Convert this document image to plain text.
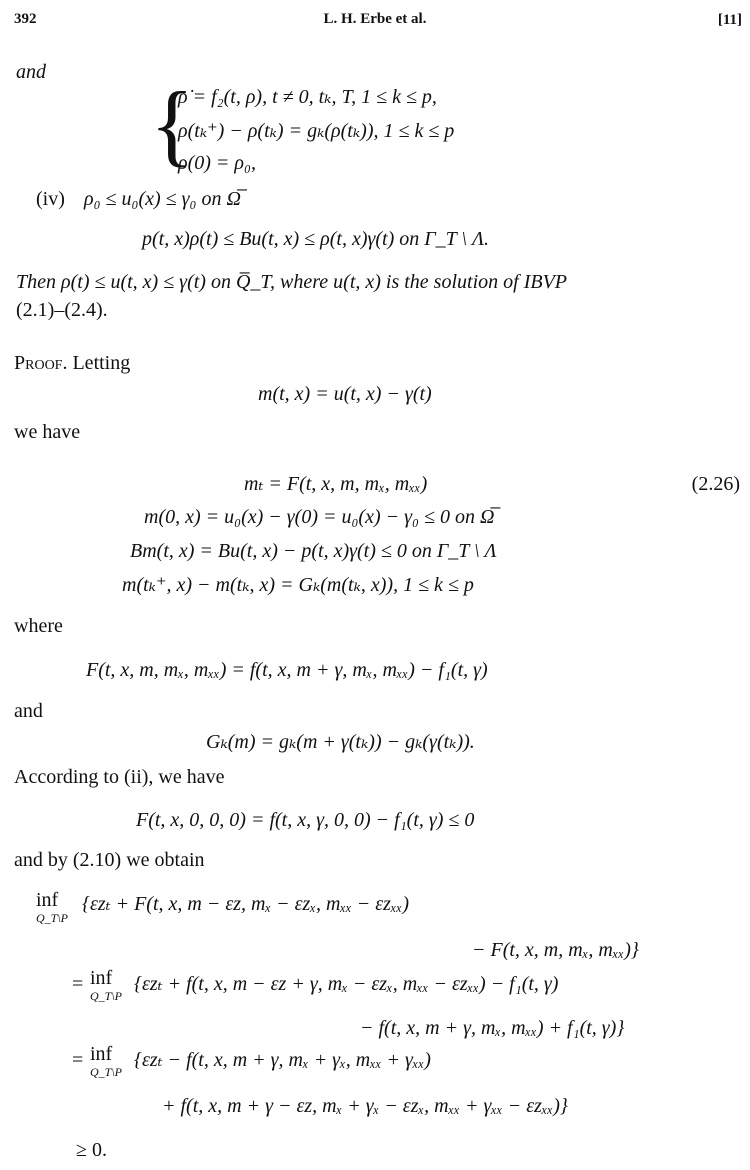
392	L. H. Erbe et al.	[11]
and
{
ρ̇ = f₂(t, ρ), t ≠ 0, tₖ, T, 1 ≤ k ≤ p,
ρ(tₖ⁺) − ρ(tₖ) = gₖ(ρ(tₖ)), 1 ≤ k ≤ p
ρ(0) = ρ₀,
(iv) ρ₀ ≤ u₀(x) ≤ γ₀ on Ω̅
p(t, x)ρ(t) ≤ Bu(t, x) ≤ ρ(t, x)γ(t) on Γ_T \ Λ.
Then ρ(t) ≤ u(t, x) ≤ γ(t) on Q̅_T, where u(t, x) is the solution of IBVP
(2.1)–(2.4).
Proof. Letting
m(t, x) = u(t, x) − γ(t)
we have
mₜ = F(t, x, m, mₓ, mₓₓ)	(2.26)
m(0, x) = u₀(x) − γ(0) = u₀(x) − γ₀ ≤ 0 on Ω̅
Bm(t, x) = Bu(t, x) − p(t, x)γ(t) ≤ 0 on Γ_T \ Λ
m(tₖ⁺, x) − m(tₖ, x) = Gₖ(m(tₖ, x)), 1 ≤ k ≤ p
where
F(t, x, m, mₓ, mₓₓ) = f(t, x, m + γ, mₓ, mₓₓ) − f₁(t, γ)
and
Gₖ(m) = gₖ(m + γ(tₖ)) − gₖ(γ(tₖ)).
According to (ii), we have
F(t, x, 0, 0, 0) = f(t, x, γ, 0, 0) − f₁(t, γ) ≤ 0
and by (2.10) we obtain
inf
Q_T\P
{εzₜ + F(t, x, m − εz, mₓ − εzₓ, mₓₓ − εzₓₓ)
− F(t, x, m, mₓ, mₓₓ)}
= inf
Q_T\P
{εzₜ + f(t, x, m − εz + γ, mₓ − εzₓ, mₓₓ − εzₓₓ) − f₁(t, γ)
− f(t, x, m + γ, mₓ, mₓₓ) + f₁(t, γ)}
= inf
Q_T\P
{εzₜ − f(t, x, m + γ, mₓ + γₓ, mₓₓ + γₓₓ)
+ f(t, x, m + γ − εz, mₓ + γₓ − εzₓ, mₓₓ + γₓₓ − εzₓₓ)}
≥ 0.
